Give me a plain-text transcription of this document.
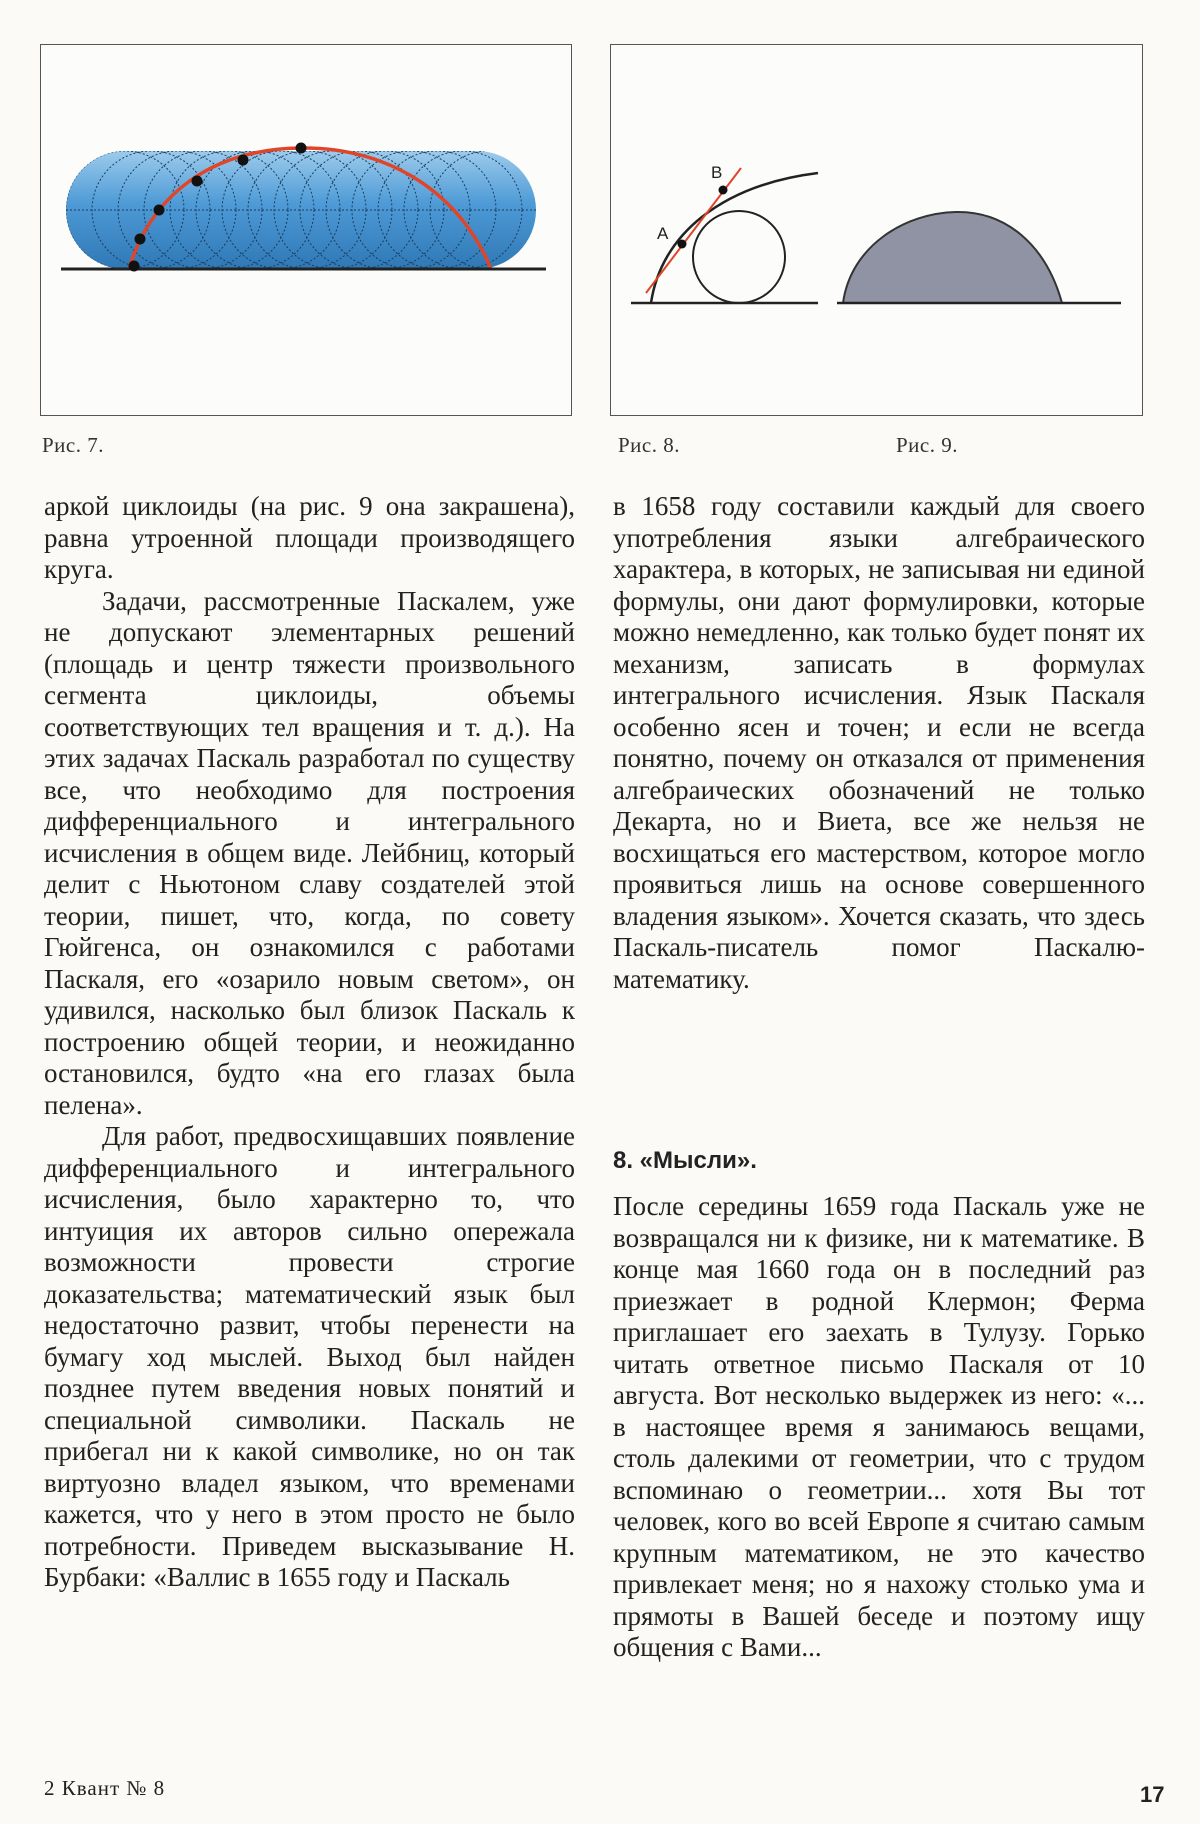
Рис. 7.
A
B
Рис. 8.	Рис. 9.

аркой циклоиды (на рис. 9 она закрашена), равна утроенной площади производящего круга.

Задачи, рассмотренные Паскалем, уже не допускают элементарных решений (площадь и центр тяжести произвольного сегмента циклоиды, объемы соответствующих тел вращения и т. д.). На этих задачах Паскаль разработал по существу все, что необходимо для построения дифференциального и интегрального исчисления в общем виде. Лейбниц, который делит с Ньютоном славу создателей этой теории, пишет, что, когда, по совету Гюйгенса, он ознакомился с работами Паскаля, его «озарило новым светом», он удивился, насколько был близок Паскаль к построению общей теории, и неожиданно остановился, будто «на его глазах была пелена».

Для работ, предвосхищавших появление дифференциального и интегрального исчисления, было характерно то, что интуиция их авторов сильно опережала возможности провести строгие доказательства; математический язык был недостаточно развит, чтобы перенести на бумагу ход мыслей. Выход был найден позднее путем введения новых понятий и специальной символики. Паскаль не прибегал ни к какой символике, но он так виртуозно владел языком, что временами кажется, что у него в этом просто не было потребности. Приведем высказывание Н. Бурбаки: «Валлис в 1655 году и Паскаль

в 1658 году составили каждый для своего употребления языки алгебраического характера, в которых, не записывая ни единой формулы, они дают формулировки, которые можно немедленно, как только будет понят их механизм, записать в формулах интегрального исчисления. Язык Паскаля особенно ясен и точен; и если не всегда понятно, почему он отказался от применения алгебраических обозначений не только Декарта, но и Виета, все же нельзя не восхищаться его мастерством, которое могло проявиться лишь на основе совершенного владения языком». Хочется сказать, что здесь Паскаль-писатель помог Паскалю-математику.

8. «Мысли».

После середины 1659 года Паскаль уже не возвращался ни к физике, ни к математике. В конце мая 1660 года он в последний раз приезжает в родной Клермон; Ферма приглашает его заехать в Тулузу. Горько читать ответное письмо Паскаля от 10 августа. Вот несколько выдержек из него: «... в настоящее время я занимаюсь вещами, столь далекими от геометрии, что с трудом вспоминаю о геометрии... хотя Вы тот человек, кого во всей Европе я считаю самым крупным математиком, не это качество привлекает меня; но я нахожу столько ума и прямоты в Вашей беседе и поэтому ищу общения с Вами...

2 Квант № 8	17
